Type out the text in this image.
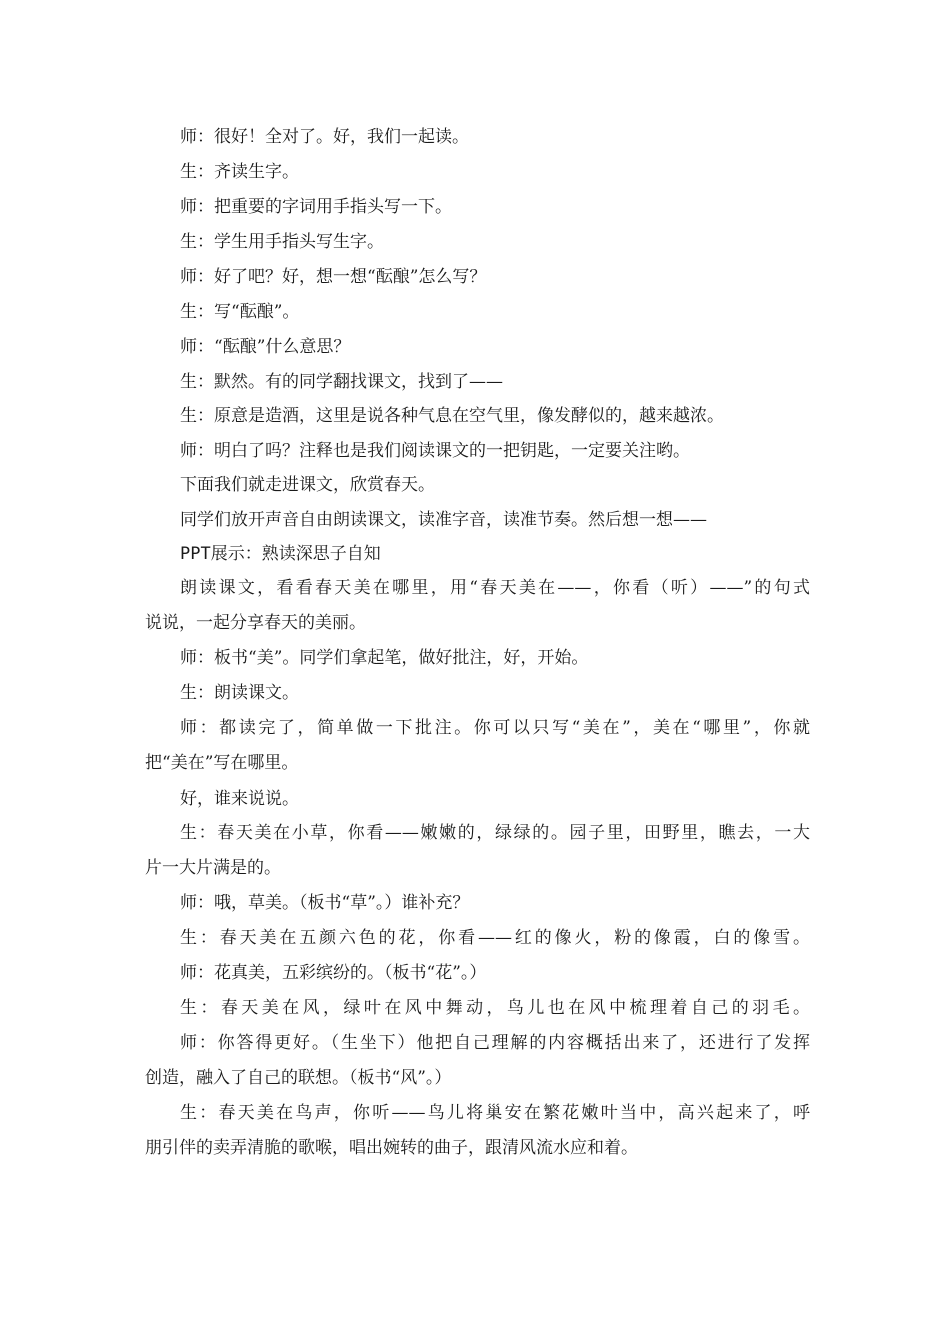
师：很好！全对了。好，我们一起读。
生：齐读生字。
师：把重要的字词用手指头写一下。
生：学生用手指头写生字。
师：好了吧？好，想一想“酝酿”怎么写？
生：写“酝酿”。
师：“酝酿”什么意思？
生：默然。有的同学翻找课文，找到了——
生：原意是造酒，这里是说各种气息在空气里，像发酵似的，越来越浓。
师：明白了吗？注释也是我们阅读课文的一把钥匙，一定要关注哟。
下面我们就走进课文，欣赏春天。
同学们放开声音自由朗读课文，读准字音，读准节奏。然后想一想——
PPT展示：熟读深思子自知
朗读课文，看看春天美在哪里，用“春天美在——，你看（听）——”的句式
说说，一起分享春天的美丽。
师：板书“美”。同学们拿起笔，做好批注，好，开始。
生：朗读课文。
师：都读完了，简单做一下批注。你可以只写“美在”，美在“哪里”，你就
把“美在”写在哪里。
好，谁来说说。
生：春天美在小草，你看——嫩嫩的，绿绿的。园子里，田野里，瞧去，一大
片一大片满是的。
师：哦，草美。（板书“草”。）谁补充？
生：春天美在五颜六色的花，你看——红的像火，粉的像霞，白的像雪。
师：花真美，五彩缤纷的。（板书“花”。）
生：春天美在风，绿叶在风中舞动，鸟儿也在风中梳理着自己的羽毛。
师：你答得更好。（生坐下）他把自己理解的内容概括出来了，还进行了发挥
创造，融入了自己的联想。（板书“风”。）
生：春天美在鸟声，你听——鸟儿将巢安在繁花嫩叶当中，高兴起来了，呼
朋引伴的卖弄清脆的歌喉，唱出婉转的曲子，跟清风流水应和着。
